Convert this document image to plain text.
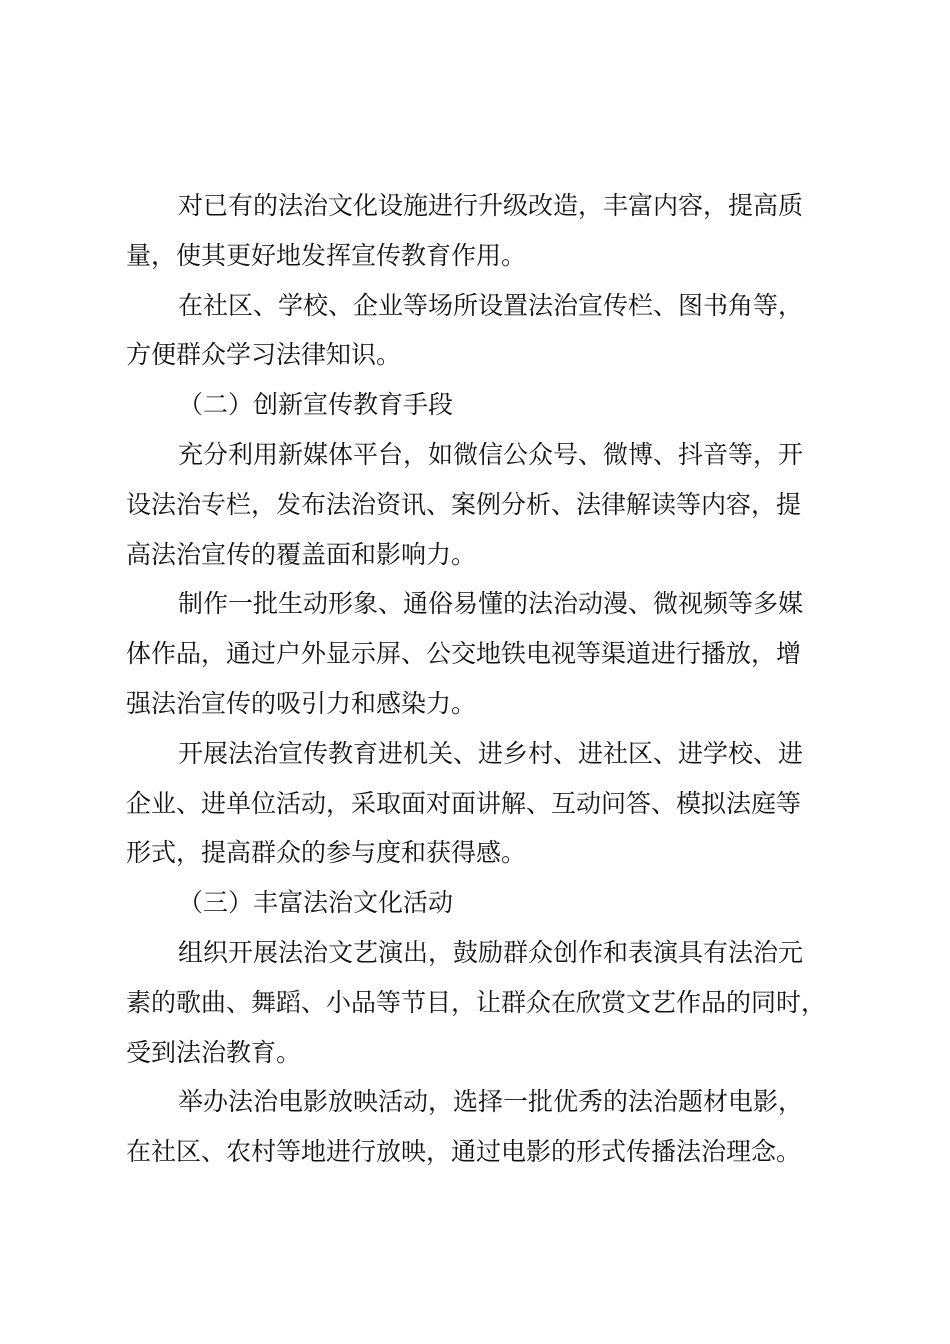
对已有的法治文化设施进行升级改造，丰富内容，提高质
量，使其更好地发挥宣传教育作用。
在社区、学校、企业等场所设置法治宣传栏、图书角等，
方便群众学习法律知识。
（二）创新宣传教育手段
充分利用新媒体平台，如微信公众号、微博、抖音等，开
设法治专栏，发布法治资讯、案例分析、法律解读等内容，提
高法治宣传的覆盖面和影响力。
制作一批生动形象、通俗易懂的法治动漫、微视频等多媒
体作品，通过户外显示屏、公交地铁电视等渠道进行播放，增
强法治宣传的吸引力和感染力。
开展法治宣传教育进机关、进乡村、进社区、进学校、进
企业、进单位活动，采取面对面讲解、互动问答、模拟法庭等
形式，提高群众的参与度和获得感。
（三）丰富法治文化活动
组织开展法治文艺演出，鼓励群众创作和表演具有法治元
素的歌曲、舞蹈、小品等节目，让群众在欣赏文艺作品的同时，
受到法治教育。
举办法治电影放映活动，选择一批优秀的法治题材电影，
在社区、农村等地进行放映，通过电影的形式传播法治理念。
